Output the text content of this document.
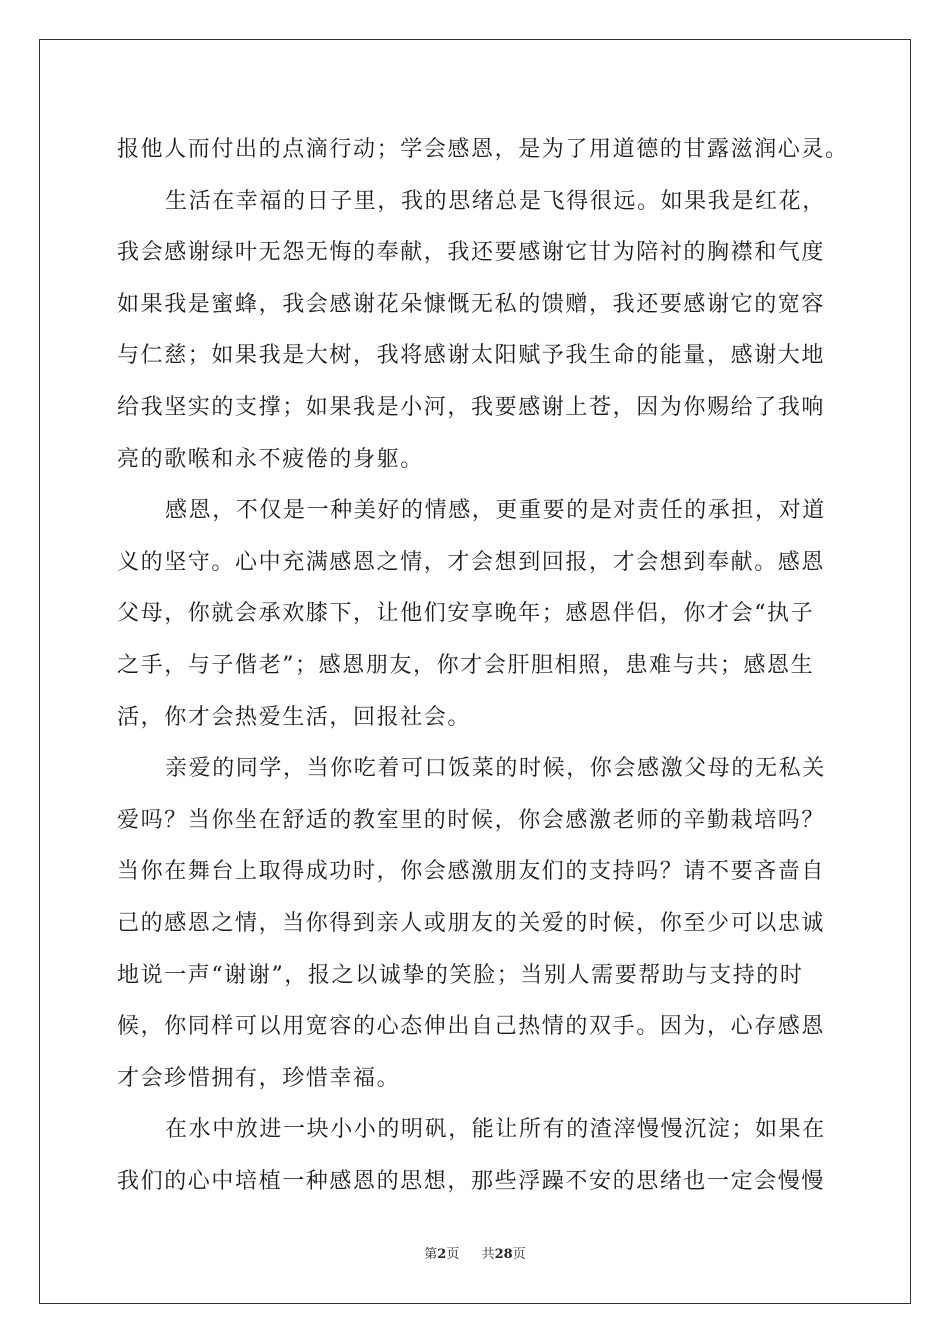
报他人而付出的点滴行动；学会感恩，是为了用道德的甘露滋润心灵。
生活在幸福的日子里，我的思绪总是飞得很远。如果我是红花，
我会感谢绿叶无怨无悔的奉献，我还要感谢它甘为陪衬的胸襟和气度
如果我是蜜蜂，我会感谢花朵慷慨无私的馈赠，我还要感谢它的宽容
与仁慈；如果我是大树，我将感谢太阳赋予我生命的能量，感谢大地
给我坚实的支撑；如果我是小河，我要感谢上苍，因为你赐给了我响
亮的歌喉和永不疲倦的身躯。
感恩，不仅是一种美好的情感，更重要的是对责任的承担，对道
义的坚守。心中充满感恩之情，才会想到回报，才会想到奉献。感恩
父母，你就会承欢膝下，让他们安享晚年；感恩伴侣，你才会“执子
之手，与子偕老”；感恩朋友，你才会肝胆相照，患难与共；感恩生
活，你才会热爱生活，回报社会。
亲爱的同学，当你吃着可口饭菜的时候，你会感激父母的无私关
爱吗？当你坐在舒适的教室里的时候，你会感激老师的辛勤栽培吗？
当你在舞台上取得成功时，你会感激朋友们的支持吗？请不要吝啬自
己的感恩之情，当你得到亲人或朋友的关爱的时候，你至少可以忠诚
地说一声“谢谢”，报之以诚挚的笑脸；当别人需要帮助与支持的时
候，你同样可以用宽容的心态伸出自己热情的双手。因为，心存感恩
才会珍惜拥有，珍惜幸福。
在水中放进一块小小的明矾，能让所有的渣滓慢慢沉淀；如果在
我们的心中培植一种感恩的思想，那些浮躁不安的思绪也一定会慢慢
第2页 共28页
